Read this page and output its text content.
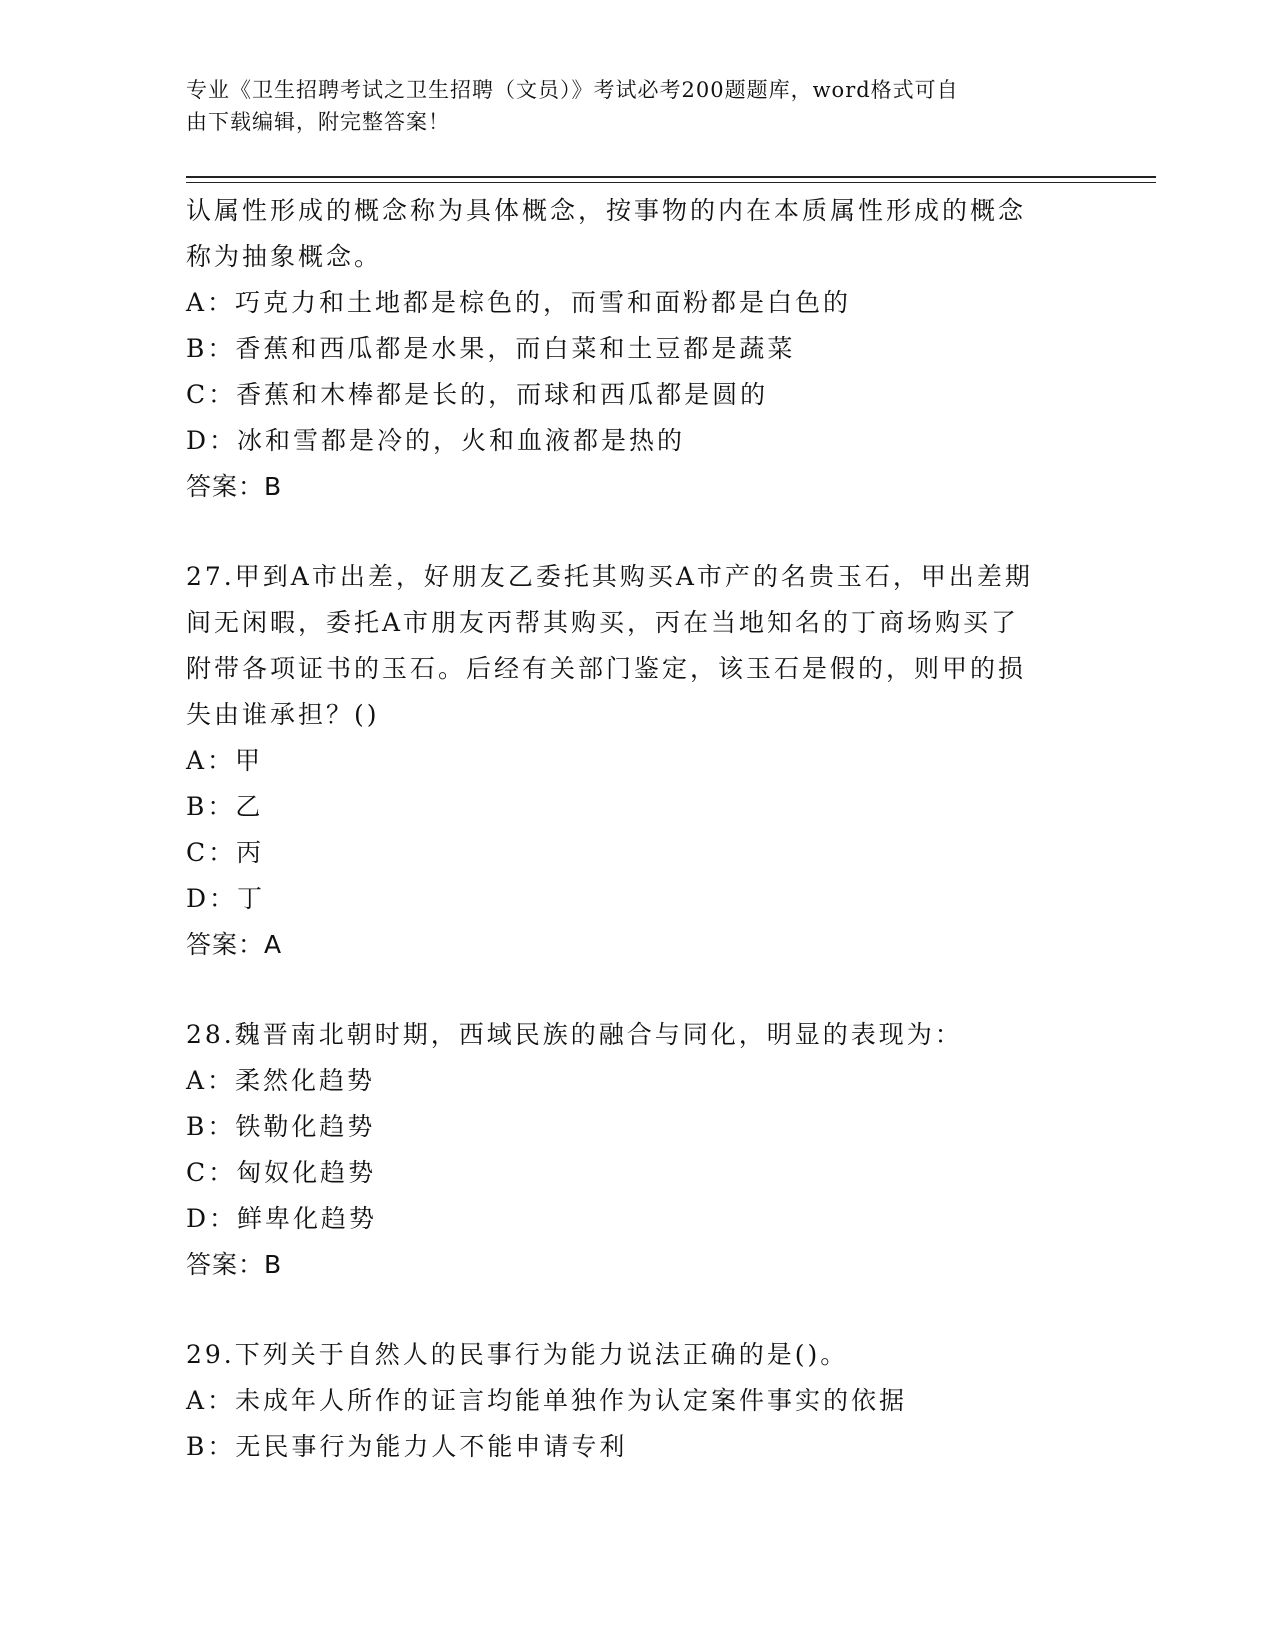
专业《卫生招聘考试之卫生招聘（文员）》考试必考200题题库，word格式可自
由下载编辑，附完整答案！
认属性形成的概念称为具体概念，按事物的内在本质属性形成的概念
称为抽象概念。
A：巧克力和土地都是棕色的，而雪和面粉都是白色的
B：香蕉和西瓜都是水果，而白菜和土豆都是蔬菜
C：香蕉和木棒都是长的，而球和西瓜都是圆的
D：冰和雪都是冷的，火和血液都是热的
答案：B
27.甲到A市出差，好朋友乙委托其购买A市产的名贵玉石，甲出差期
间无闲暇，委托A市朋友丙帮其购买，丙在当地知名的丁商场购买了
附带各项证书的玉石。后经有关部门鉴定，该玉石是假的，则甲的损
失由谁承担？()
A：甲
B：乙
C：丙
D：丁
答案：A
28.魏晋南北朝时期，西域民族的融合与同化，明显的表现为：
A：柔然化趋势
B：铁勒化趋势
C：匈奴化趋势
D：鲜卑化趋势
答案：B
29.下列关于自然人的民事行为能力说法正确的是()。
A：未成年人所作的证言均能单独作为认定案件事实的依据
B：无民事行为能力人不能申请专利
